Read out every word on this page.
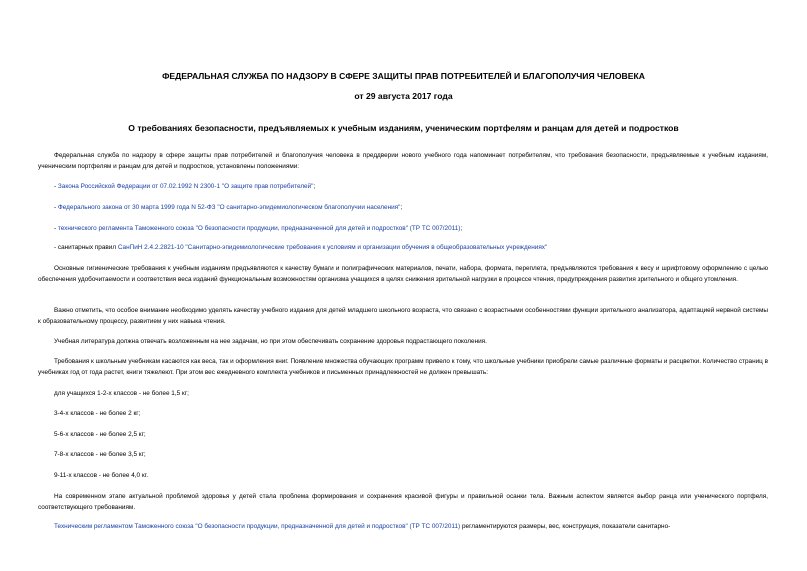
ФЕДЕРАЛЬНАЯ СЛУЖБА ПО НАДЗОРУ В СФЕРЕ ЗАЩИТЫ ПРАВ ПОТРЕБИТЕЛЕЙ И БЛАГОПОЛУЧИЯ ЧЕЛОВЕКА
от 29 августа 2017 года
О требованиях безопасности, предъявляемых к учебным изданиям, ученическим портфелям и ранцам для детей и подростков

Федеральная служба по надзору в сфере защиты прав потребителей и благополучия человека в преддверии нового учебного года напоминает потребителям, что требования безопасности, предъявляемые к учебным изданиям, ученическим портфелям и ранцам для детей и подростков, установлены положениями:

- Закона Российской Федерации от 07.02.1992 N 2300-1 "О защите прав потребителей";

- Федерального закона от 30 марта 1999 года N 52-ФЗ "О санитарно-эпидемиологическом благополучии населения";

- технического регламента Таможенного союза "О безопасности продукции, предназначенной для детей и подростков" (ТР ТС 007/2011);

- санитарных правил СанПиН 2.4.2.2821-10 "Санитарно-эпидемиологические требования к условиям и организации обучения в общеобразовательных учреждениях"

Основные гигиенические требования к учебным изданиям предъявляются к качеству бумаги и полиграфических материалов, печати, набора, формата, переплета, предъявляются требования к весу и шрифтовому оформлению с целью обеспечения удобочитаемости и соответствия веса изданий функциональным возможностям организма учащихся в целях снижения зрительной нагрузки в процессе чтения, предупреждения развития зрительного и общего утомления.

Важно отметить, что особое внимание необходимо уделять качеству учебного издания для детей младшего школьного возраста, что связано с возрастными особенностями функции зрительного анализатора, адаптацией нервной системы к образовательному процессу, развитием у них навыка чтения.

Учебная литература должна отвечать возложенным на нее задачам, но при этом обеспечивать сохранение здоровья подрастающего поколения.

Требования к школьным учебникам касаются как веса, так и оформления книг. Появление множества обучающих программ привело к тому, что школьные учебники приобрели самые различные форматы и расцветки. Количество страниц в учебниках год от года растет, книги тяжелеют. При этом вес ежедневного комплекта учебников и письменных принадлежностей не должен превышать:

для учащихся 1-2-х классов - не более 1,5 кг;

3-4-х классов - не более 2 кг;

5-6-х классов - не более 2,5 кг;

7-8-х классов - не более 3,5 кг;

9-11-х классов - не более 4,0 кг.

На современном этапе актуальной проблемой здоровья у детей стала проблема формирования и сохранения красивой фигуры и правильной осанки тела. Важным аспектом является выбор ранца или ученического портфеля, соответствующего требованиям.

Техническим регламентом Таможенного союза "О безопасности продукции, предназначенной для детей и подростков" (ТР ТС 007/2011) регламентируются размеры, вес, конструкция, показатели санитарно-
